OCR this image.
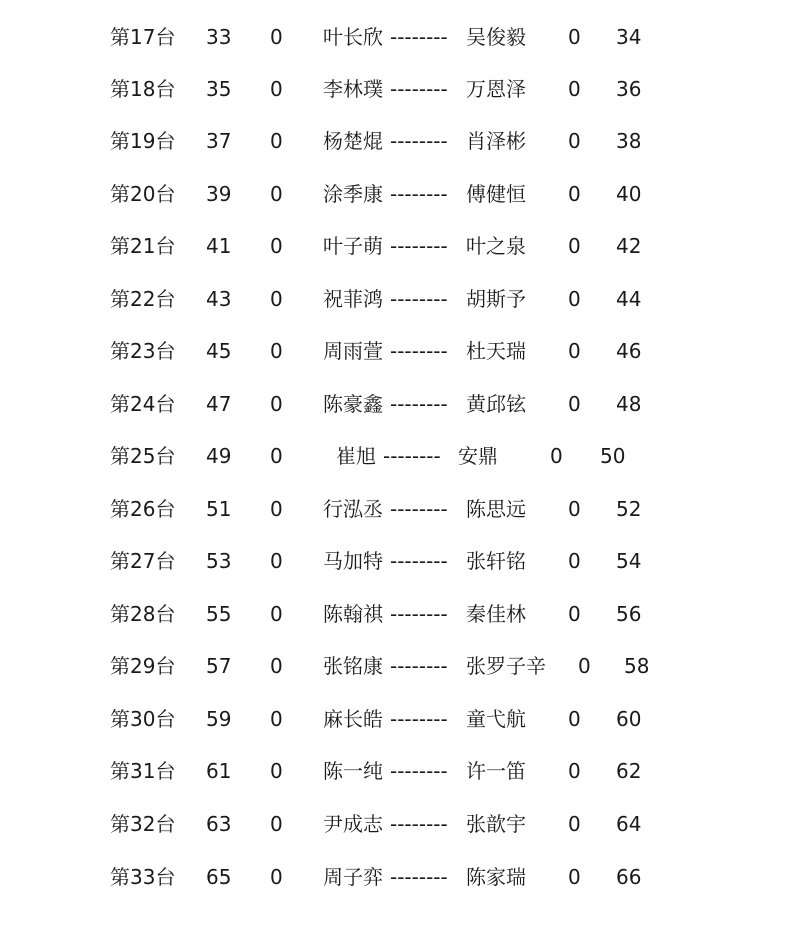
第17台 33 0 叶长欣 -------- 吴俊毅 0 34
第18台 35 0 李林璞 -------- 万恩泽 0 36
第19台 37 0 杨楚焜 -------- 肖泽彬 0 38
第20台 39 0 涂季康 -------- 傅健恒 0 40
第21台 41 0 叶子萌 -------- 叶之泉 0 42
第22台 43 0 祝菲鸿 -------- 胡斯予 0 44
第23台 45 0 周雨萱 -------- 杜天瑞 0 46
第24台 47 0 陈豪鑫 -------- 黄邱铉 0 48
第25台 49 0	崔旭 -------- 安鼎	0 50
第26台 51 0 行泓丞 -------- 陈思远 0 52
第27台 53 0 马加特 -------- 张轩铭 0 54
第28台 55 0 陈翰祺 -------- 秦佳林 0 56
第29台 57 0 张铭康 -------- 张罗子辛 0 58
第30台 59 0 麻长皓 -------- 童弋航 0 60
第31台 61 0 陈一纯 -------- 许一笛 0 62
第32台 63 0 尹成志 -------- 张歆宇 0 64
第33台 65 0 周子弈 -------- 陈家瑞 0 66
